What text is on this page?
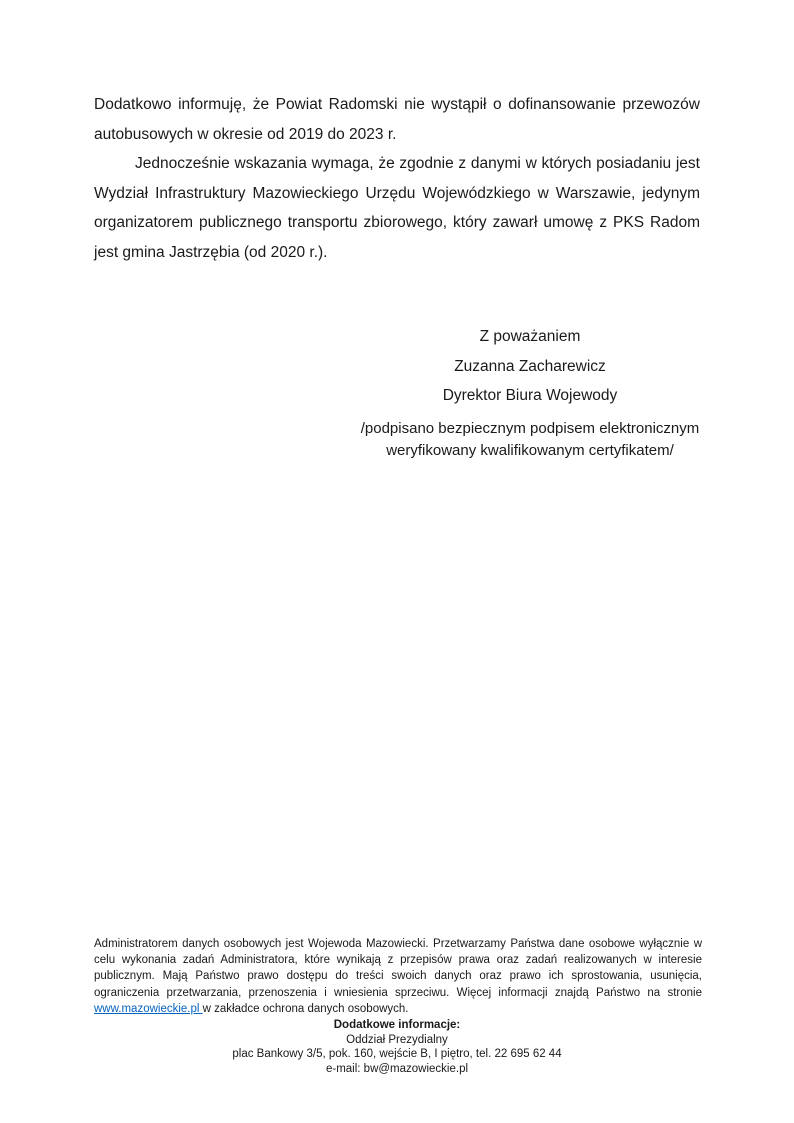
Dodatkowo informuję, że Powiat Radomski nie wystąpił o dofinansowanie przewozów autobusowych w okresie od 2019 do 2023 r.

Jednocześnie wskazania wymaga, że zgodnie z danymi w których posiadaniu jest Wydział Infrastruktury Mazowieckiego Urzędu Wojewódzkiego w Warszawie, jedynym organizatorem publicznego transportu zbiorowego, który zawarł umowę z PKS Radom jest gmina Jastrzębia (od 2020 r.).

Z poważaniem
Zuzanna Zacharewicz
Dyrektor Biura Wojewody
/podpisano bezpiecznym podpisem elektronicznym
weryfikowany kwalifikowanym certyfikatem/

Administratorem danych osobowych jest Wojewoda Mazowiecki. Przetwarzamy Państwa dane osobowe wyłącznie w celu wykonania zadań Administratora, które wynikają z przepisów prawa oraz zadań realizowanych w interesie publicznym. Mają Państwo prawo dostępu do treści swoich danych oraz prawo ich sprostowania, usunięcia, ograniczenia przetwarzania, przenoszenia i wniesienia sprzeciwu. Więcej informacji znajdą Państwo na stronie www.mazowieckie.pl w zakładce ochrona danych osobowych.

Dodatkowe informacje:
Oddział Prezydialny
plac Bankowy 3/5, pok. 160, wejście B, I piętro, tel. 22 695 62 44
e-mail: bw@mazowieckie.pl
